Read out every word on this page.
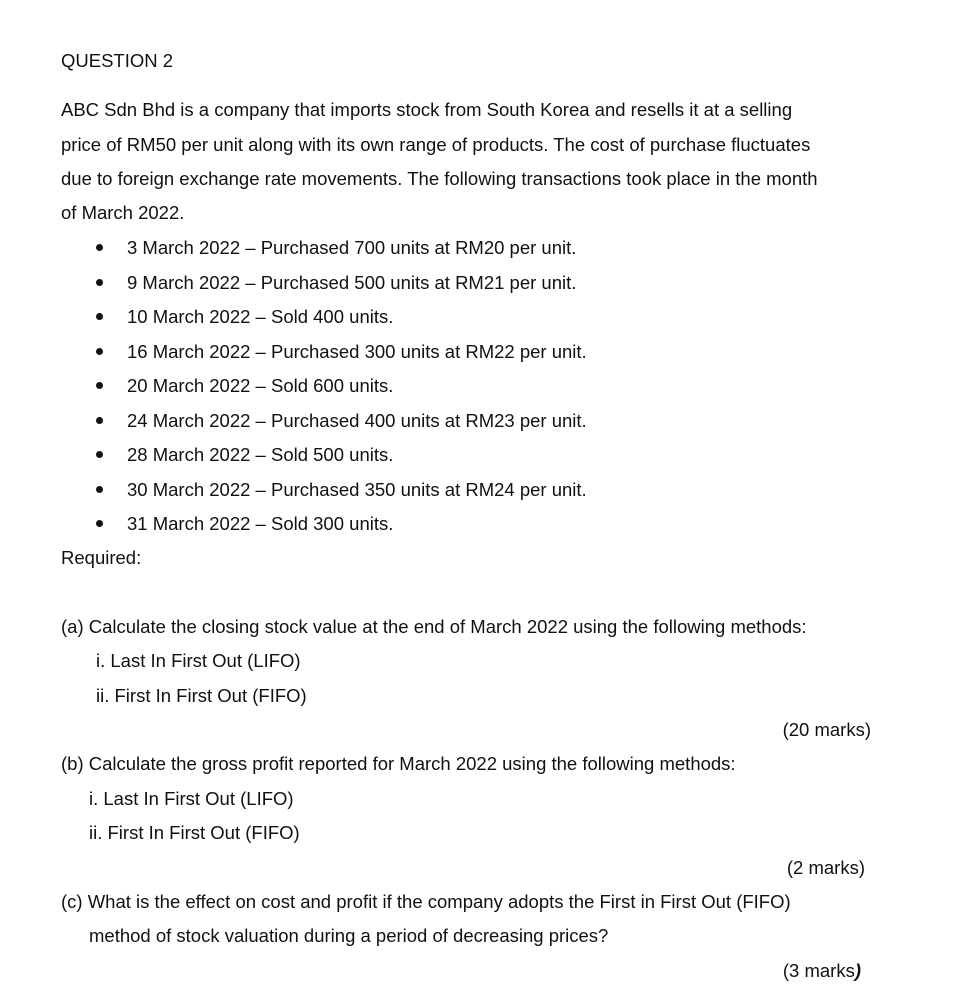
QUESTION 2
ABC Sdn Bhd is a company that imports stock from South Korea and resells it at a selling
price of RM50 per unit along with its own range of products. The cost of purchase fluctuates
due to foreign exchange rate movements. The following transactions took place in the month
of March 2022.
3 March 2022 – Purchased 700 units at RM20 per unit.
9 March 2022 – Purchased 500 units at RM21 per unit.
10 March 2022 – Sold 400 units.
16 March 2022 – Purchased 300 units at RM22 per unit.
20 March 2022 – Sold 600 units.
24 March 2022 – Purchased 400 units at RM23 per unit.
28 March 2022 – Sold 500 units.
30 March 2022 – Purchased 350 units at RM24 per unit.
31 March 2022 – Sold 300 units.
Required:
(a) Calculate the closing stock value at the end of March 2022 using the following methods:
i. Last In First Out (LIFO)
ii. First In First Out (FIFO)
(20 marks)
(b) Calculate the gross profit reported for March 2022 using the following methods:
i. Last In First Out (LIFO)
ii. First In First Out (FIFO)
(2 marks)
(c) What is the effect on cost and profit if the company adopts the First in First Out (FIFO)
method of stock valuation during a period of decreasing prices?
(3 marks)
